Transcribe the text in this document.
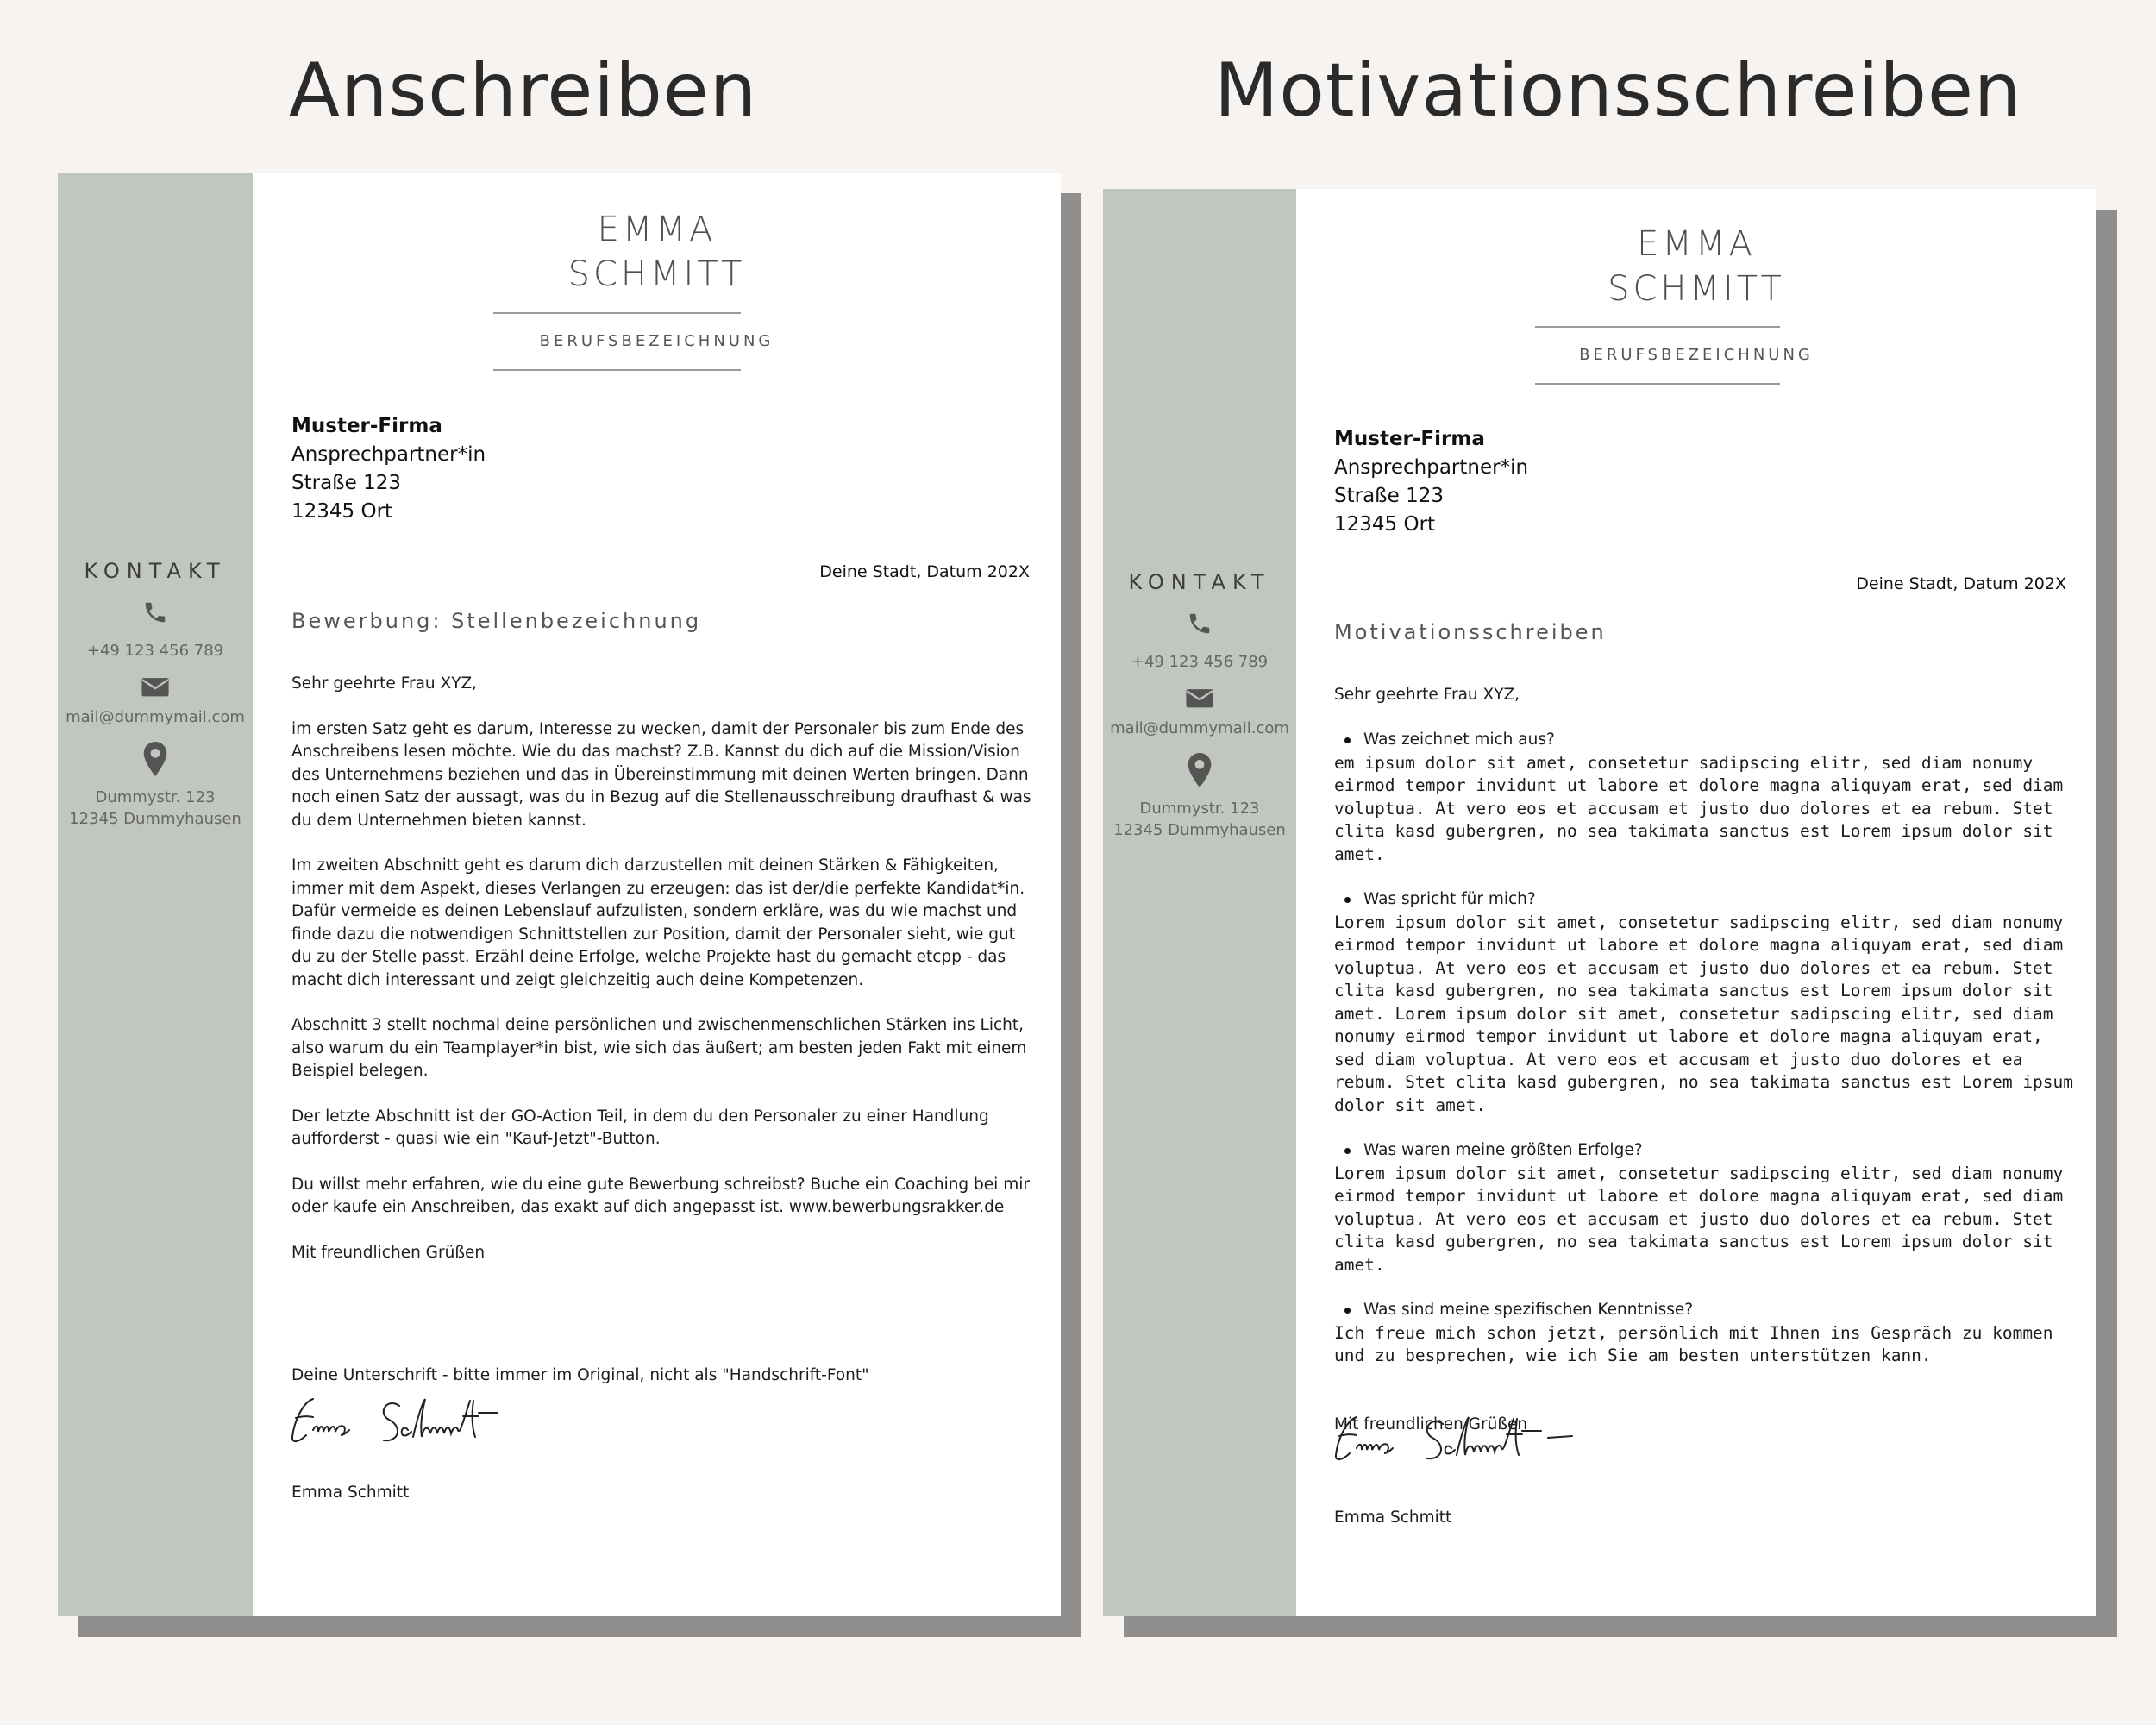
Anschreiben	Motivationsschreiben
KONTAKT
+49 123 456 789
mail@dummymail.com
Dummystr. 123
12345 Dummyhausen
EMMA
SCHMITT
BERUFSBEZEICHNUNG
Muster-Firma
Ansprechpartner*in
Straße 123
12345 Ort
Deine Stadt, Datum 202X
Bewerbung: Stellenbezeichnung

Sehr geehrte Frau XYZ,

im ersten Satz geht es darum, Interesse zu wecken, damit der Personaler bis zum Ende des Anschreibens lesen möchte. Wie du das machst? Z.B. Kannst du dich auf die Mission/Vision des Unternehmens beziehen und das in Übereinstimmung mit deinen Werten bringen. Dann noch einen Satz der aussagt, was du in Bezug auf die Stellenausschreibung draufhast & was du dem Unternehmen bieten kannst.

Im zweiten Abschnitt geht es darum dich darzustellen mit deinen Stärken & Fähigkeiten, immer mit dem Aspekt, dieses Verlangen zu erzeugen: das ist der/die perfekte Kandidat*in. Dafür vermeide es deinen Lebenslauf aufzulisten, sondern erkläre, was du wie machst und finde dazu die notwendigen Schnittstellen zur Position, damit der Personaler sieht, wie gut du zu der Stelle passt. Erzähl deine Erfolge, welche Projekte hast du gemacht etcpp - das macht dich interessant und zeigt gleichzeitig auch deine Kompetenzen.

Abschnitt 3 stellt nochmal deine persönlichen und zwischenmenschlichen Stärken ins Licht, also warum du ein Teamplayer*in bist, wie sich das äußert; am besten jeden Fakt mit einem Beispiel belegen.

Der letzte Abschnitt ist der GO-Action Teil, in dem du den Personaler zu einer Handlung aufforderst - quasi wie ein "Kauf-Jetzt"-Button.

Du willst mehr erfahren, wie du eine gute Bewerbung schreibst? Buche ein Coaching bei mir oder kaufe ein Anschreiben, das exakt auf dich angepasst ist. www.bewerbungsrakker.de

Mit freundlichen Grüßen

Deine Unterschrift - bitte immer im Original, nicht als "Handschrift-Font"
Emma Schmitt
KONTAKT
+49 123 456 789
mail@dummymail.com
Dummystr. 123
12345 Dummyhausen
EMMA
SCHMITT
BERUFSBEZEICHNUNG
Muster-Firma
Ansprechpartner*in
Straße 123
12345 Ort
Deine Stadt, Datum 202X
Motivationsschreiben
Sehr geehrte Frau XYZ,
Was zeichnet mich aus?
em ipsum dolor sit amet, consetetur sadipscing elitr, sed diam nonumy eirmod tempor invidunt ut labore et dolore magna aliquyam erat, sed diam voluptua. At vero eos et accusam et justo duo dolores et ea rebum. Stet clita kasd gubergren, no sea takimata sanctus est Lorem ipsum dolor sit amet.
Was spricht für mich?
Lorem ipsum dolor sit amet, consetetur sadipscing elitr, sed diam nonumy eirmod tempor invidunt ut labore et dolore magna aliquyam erat, sed diam voluptua. At vero eos et accusam et justo duo dolores et ea rebum. Stet clita kasd gubergren, no sea takimata sanctus est Lorem ipsum dolor sit amet. Lorem ipsum dolor sit amet, consetetur sadipscing elitr, sed diam nonumy eirmod tempor invidunt ut labore et dolore magna aliquyam erat, sed diam voluptua. At vero eos et accusam et justo duo dolores et ea rebum. Stet clita kasd gubergren, no sea takimata sanctus est Lorem ipsum dolor sit amet.
Was waren meine größten Erfolge?
Lorem ipsum dolor sit amet, consetetur sadipscing elitr, sed diam nonumy eirmod tempor invidunt ut labore et dolore magna aliquyam erat, sed diam voluptua. At vero eos et accusam et justo duo dolores et ea rebum. Stet clita kasd gubergren, no sea takimata sanctus est Lorem ipsum dolor sit amet.
Was sind meine spezifischen Kenntnisse?
Ich freue mich schon jetzt, persönlich mit Ihnen ins Gespräch zu kommen und zu besprechen, wie ich Sie am besten unterstützen kann.
Mit freundlichen Grüßen
Emma Schmitt
